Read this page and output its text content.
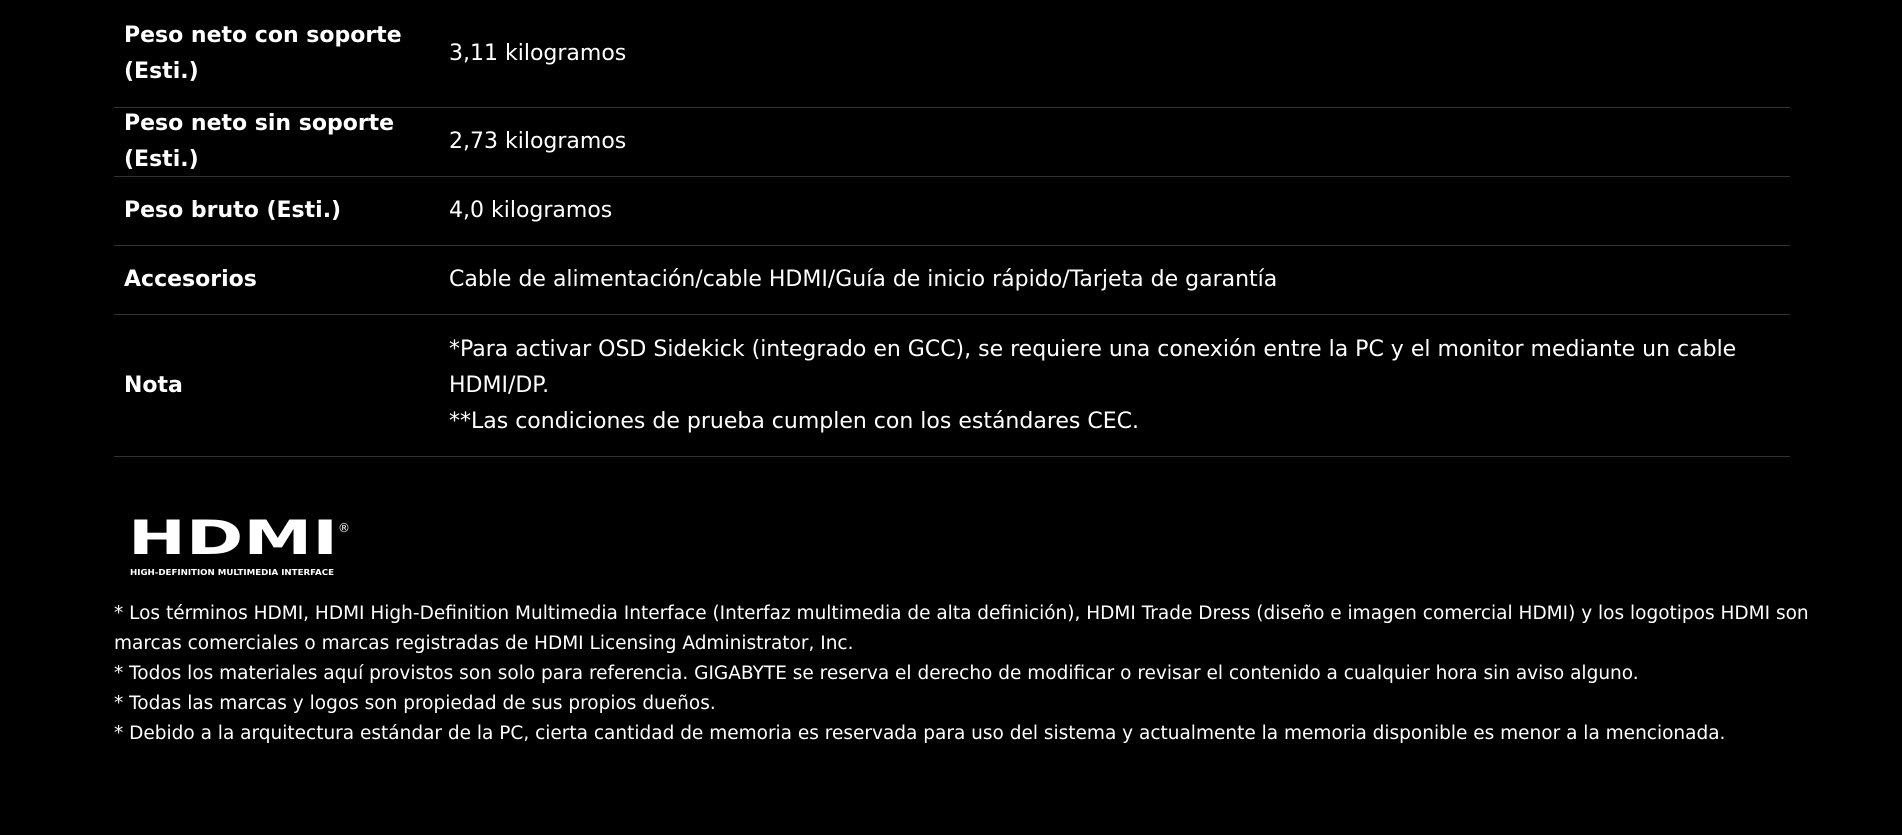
Peso neto con soporte (Esti.)
3,11 kilogramos
Peso neto sin soporte (Esti.)
2,73 kilogramos
Peso bruto (Esti.)	4,0 kilogramos
Accesorios	Cable de alimentación/cable HDMI/Guía de inicio rápido/Tarjeta de garantía
Nota
*Para activar OSD Sidekick (integrado en GCC), se requiere una conexión entre la PC y el monitor mediante un cable HDMI/DP.
**Las condiciones de prueba cumplen con los estándares CEC.
HDMI ®
HIGH-DEFINITION MULTIMEDIA INTERFACE

* Los términos HDMI, HDMI High-Definition Multimedia Interface (Interfaz multimedia de alta definición), HDMI Trade Dress (diseño e imagen comercial HDMI) y los logotipos HDMI son marcas comerciales o marcas registradas de HDMI Licensing Administrator, Inc.

* Todos los materiales aquí provistos son solo para referencia. GIGABYTE se reserva el derecho de modificar o revisar el contenido a cualquier hora sin aviso alguno.

* Todas las marcas y logos son propiedad de sus propios dueños.

* Debido a la arquitectura estándar de la PC, cierta cantidad de memoria es reservada para uso del sistema y actualmente la memoria disponible es menor a la mencionada.
